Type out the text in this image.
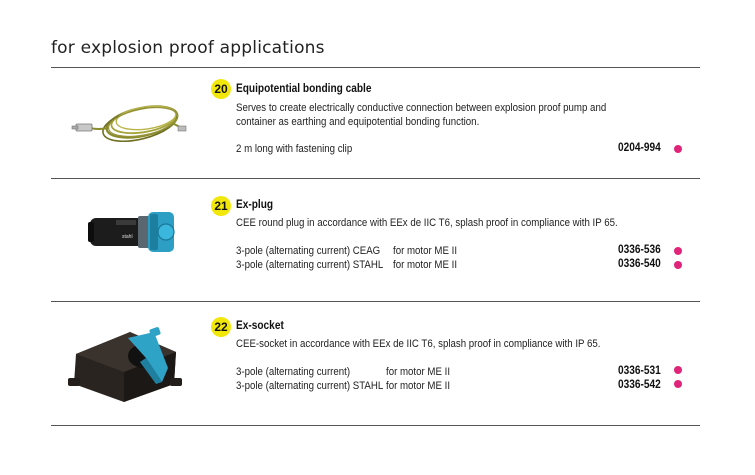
for explosion proof applications
20 Equipotential bonding cable
Serves to create electrically conductive connection between explosion proof pump and
container as earthing and equipotential bonding function.
2 m long with fastening clip	0204-994
stahl
21 Ex-plug
CEE round plug in accordance with EEx de IIC T6, splash proof in compliance with IP 65.
3-pole (alternating current) CEAG for motor ME II	0336-536
3-pole (alternating current) STAHL for motor ME II	0336-540
22 Ex-socket
CEE-socket in accordance with EEx de IIC T6, splash proof in compliance with IP 65.
3-pole (alternating current)	for motor ME II	0336-531
3-pole (alternating current) STAHL for motor ME II	0336-542
